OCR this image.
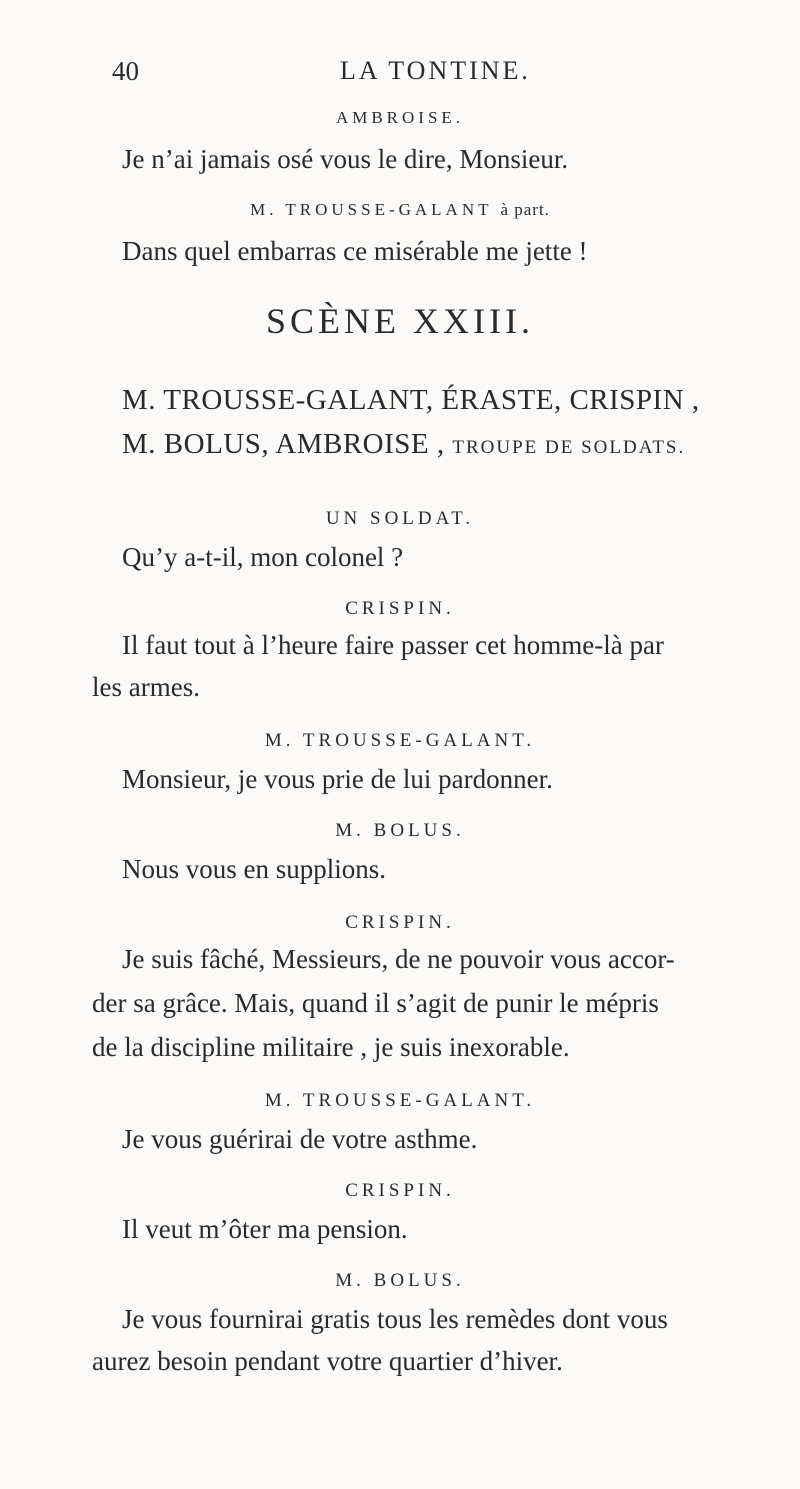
40	LA TONTINE.
AMBROISE.
Je n’ai jamais osé vous le dire, Monsieur.
M. TROUSSE-GALANT à part.
Dans quel embarras ce misérable me jette !
SCÈNE XXIII.
M. TROUSSE-GALANT, ÉRASTE, CRISPIN ,
M. BOLUS, AMBROISE , TROUPE DE SOLDATS.
UN SOLDAT.
Qu’y a-t-il, mon colonel ?
CRISPIN.
Il faut tout à l’heure faire passer cet homme-là par
les armes.
M. TROUSSE-GALANT.
Monsieur, je vous prie de lui pardonner.
M. BOLUS.
Nous vous en supplions.
CRISPIN.
Je suis fâché, Messieurs, de ne pouvoir vous accor-
der sa grâce. Mais, quand il s’agit de punir le mépris
de la discipline militaire , je suis inexorable.
M. TROUSSE-GALANT.
Je vous guérirai de votre asthme.
CRISPIN.
Il veut m’ôter ma pension.
M. BOLUS.
Je vous fournirai gratis tous les remèdes dont vous
aurez besoin pendant votre quartier d’hiver.
